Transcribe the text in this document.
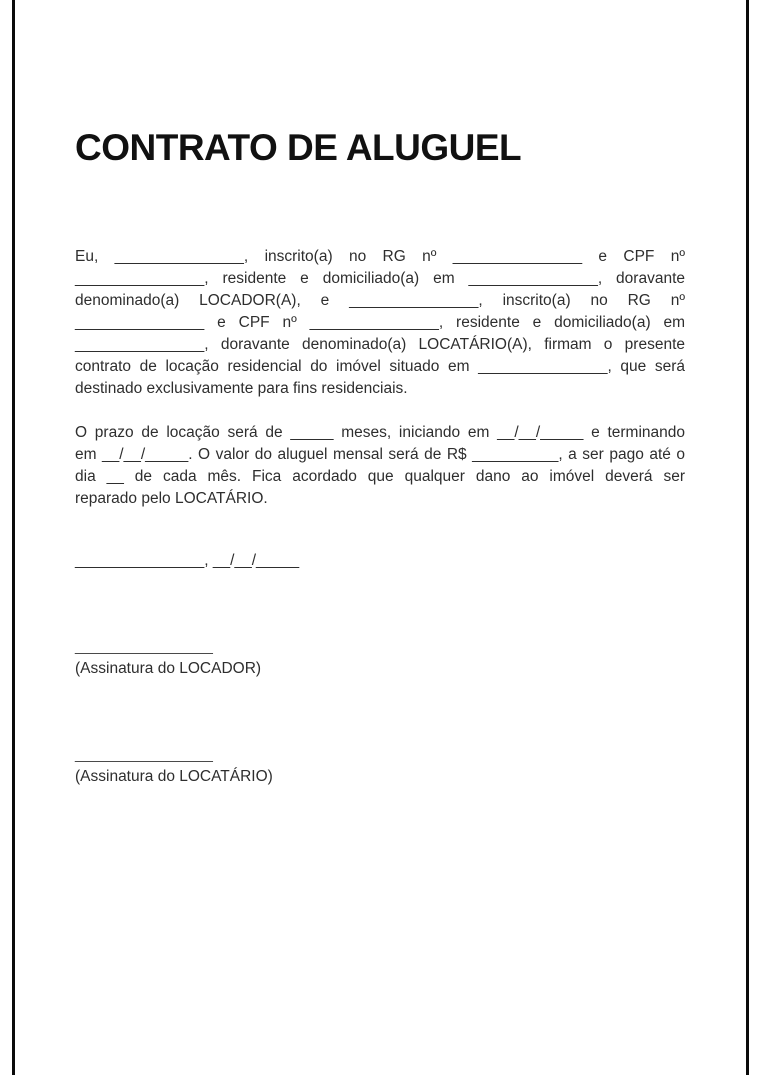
CONTRATO DE ALUGUEL
Eu, _______________, inscrito(a) no RG nº _______________ e CPF nº
_______________, residente e domiciliado(a) em _______________, doravante
denominado(a) LOCADOR(A), e _______________, inscrito(a) no RG nº
_______________ e CPF nº _______________, residente e domiciliado(a) em
_______________, doravante denominado(a) LOCATÁRIO(A), firmam o presente
contrato de locação residencial do imóvel situado em _______________, que será
destinado exclusivamente para fins residenciais.
O prazo de locação será de _____ meses, iniciando em __/__/_____ e terminando
em __/__/_____. O valor do aluguel mensal será de R$ __________, a ser pago até o
dia __ de cada mês. Fica acordado que qualquer dano ao imóvel deverá ser
reparado pelo LOCATÁRIO.
_______________, __/__/_____
________________
(Assinatura do LOCADOR)
________________
(Assinatura do LOCATÁRIO)
